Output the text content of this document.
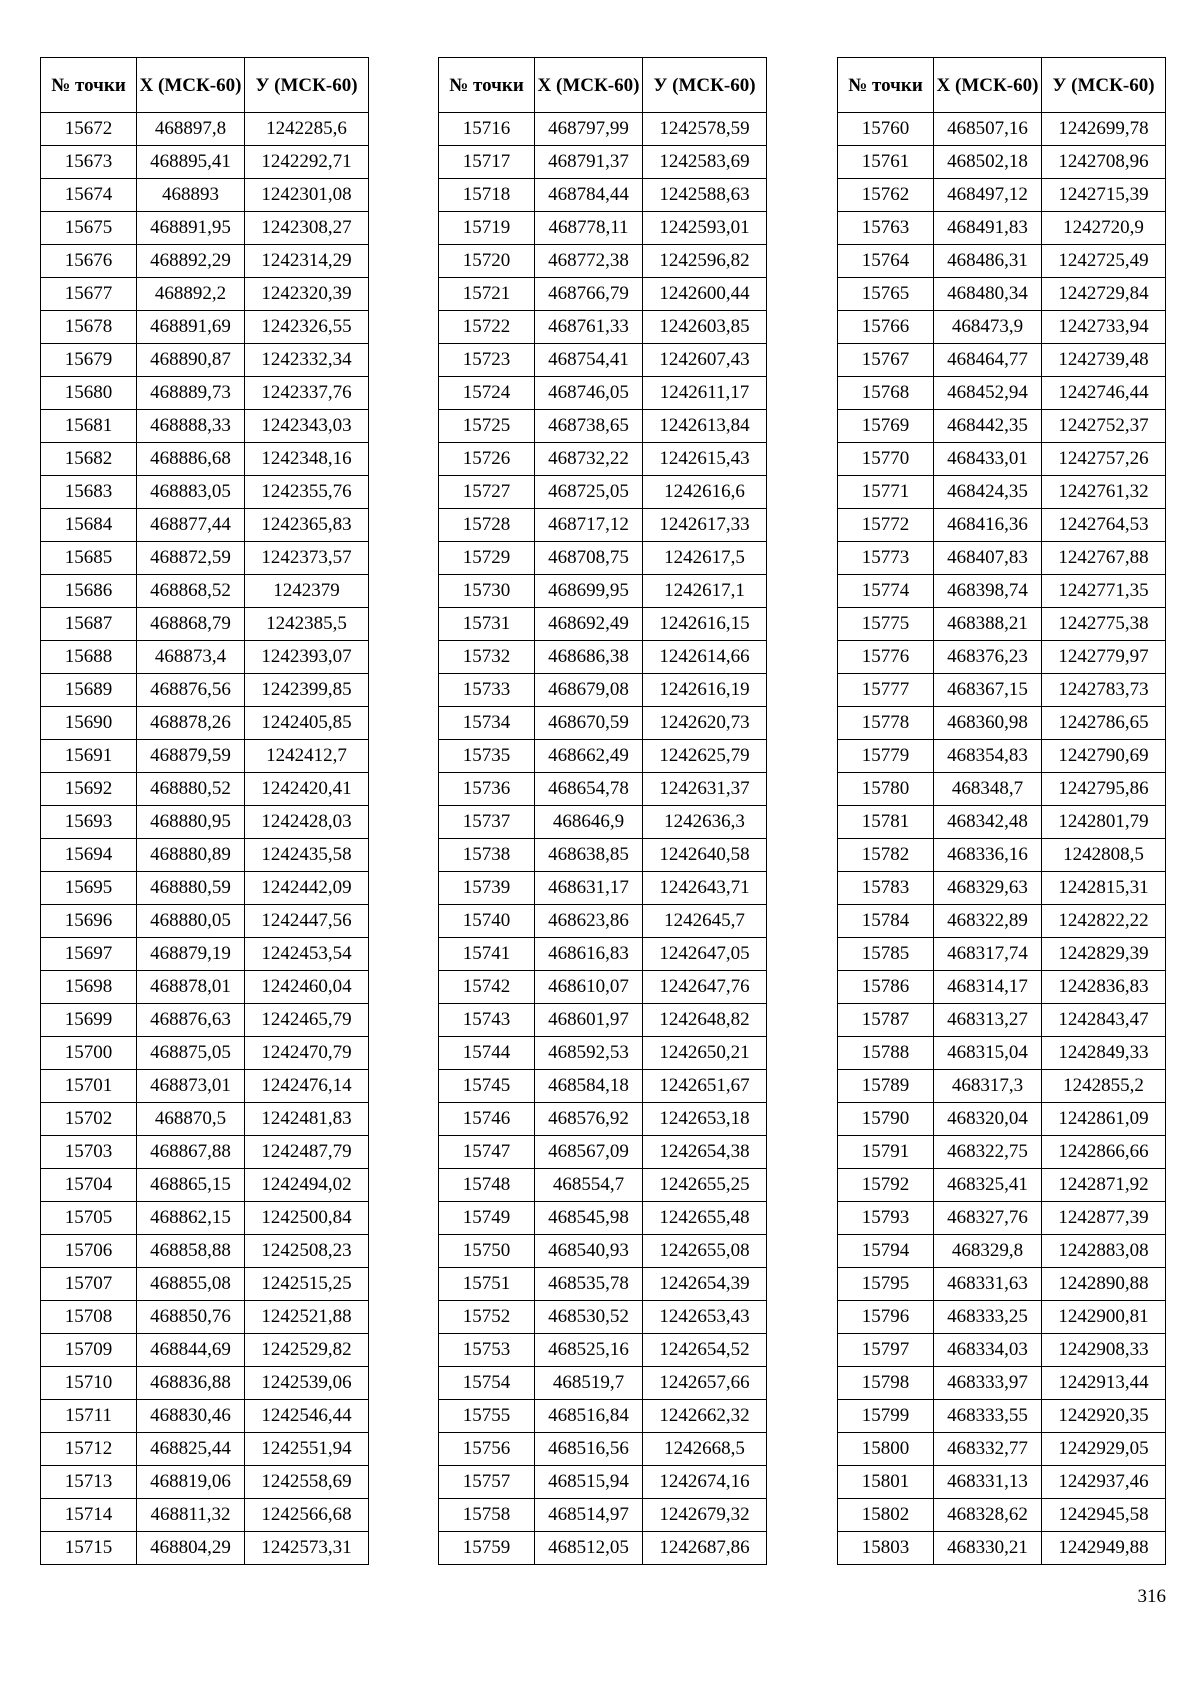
№ точки	X (МСК-60)	У (МСК-60)
15672	468897,8	1242285,6
15673	468895,41	1242292,71
15674	468893	1242301,08
15675	468891,95	1242308,27
15676	468892,29	1242314,29
15677	468892,2	1242320,39
15678	468891,69	1242326,55
15679	468890,87	1242332,34
15680	468889,73	1242337,76
15681	468888,33	1242343,03
15682	468886,68	1242348,16
15683	468883,05	1242355,76
15684	468877,44	1242365,83
15685	468872,59	1242373,57
15686	468868,52	1242379
15687	468868,79	1242385,5
15688	468873,4	1242393,07
15689	468876,56	1242399,85
15690	468878,26	1242405,85
15691	468879,59	1242412,7
15692	468880,52	1242420,41
15693	468880,95	1242428,03
15694	468880,89	1242435,58
15695	468880,59	1242442,09
15696	468880,05	1242447,56
15697	468879,19	1242453,54
15698	468878,01	1242460,04
15699	468876,63	1242465,79
15700	468875,05	1242470,79
15701	468873,01	1242476,14
15702	468870,5	1242481,83
15703	468867,88	1242487,79
15704	468865,15	1242494,02
15705	468862,15	1242500,84
15706	468858,88	1242508,23
15707	468855,08	1242515,25
15708	468850,76	1242521,88
15709	468844,69	1242529,82
15710	468836,88	1242539,06
15711	468830,46	1242546,44
15712	468825,44	1242551,94
15713	468819,06	1242558,69
15714	468811,32	1242566,68
15715	468804,29	1242573,31
№ точки	X (МСК-60)	У (МСК-60)
15716	468797,99	1242578,59
15717	468791,37	1242583,69
15718	468784,44	1242588,63
15719	468778,11	1242593,01
15720	468772,38	1242596,82
15721	468766,79	1242600,44
15722	468761,33	1242603,85
15723	468754,41	1242607,43
15724	468746,05	1242611,17
15725	468738,65	1242613,84
15726	468732,22	1242615,43
15727	468725,05	1242616,6
15728	468717,12	1242617,33
15729	468708,75	1242617,5
15730	468699,95	1242617,1
15731	468692,49	1242616,15
15732	468686,38	1242614,66
15733	468679,08	1242616,19
15734	468670,59	1242620,73
15735	468662,49	1242625,79
15736	468654,78	1242631,37
15737	468646,9	1242636,3
15738	468638,85	1242640,58
15739	468631,17	1242643,71
15740	468623,86	1242645,7
15741	468616,83	1242647,05
15742	468610,07	1242647,76
15743	468601,97	1242648,82
15744	468592,53	1242650,21
15745	468584,18	1242651,67
15746	468576,92	1242653,18
15747	468567,09	1242654,38
15748	468554,7	1242655,25
15749	468545,98	1242655,48
15750	468540,93	1242655,08
15751	468535,78	1242654,39
15752	468530,52	1242653,43
15753	468525,16	1242654,52
15754	468519,7	1242657,66
15755	468516,84	1242662,32
15756	468516,56	1242668,5
15757	468515,94	1242674,16
15758	468514,97	1242679,32
15759	468512,05	1242687,86
№ точки	X (МСК-60)	У (МСК-60)
15760	468507,16	1242699,78
15761	468502,18	1242708,96
15762	468497,12	1242715,39
15763	468491,83	1242720,9
15764	468486,31	1242725,49
15765	468480,34	1242729,84
15766	468473,9	1242733,94
15767	468464,77	1242739,48
15768	468452,94	1242746,44
15769	468442,35	1242752,37
15770	468433,01	1242757,26
15771	468424,35	1242761,32
15772	468416,36	1242764,53
15773	468407,83	1242767,88
15774	468398,74	1242771,35
15775	468388,21	1242775,38
15776	468376,23	1242779,97
15777	468367,15	1242783,73
15778	468360,98	1242786,65
15779	468354,83	1242790,69
15780	468348,7	1242795,86
15781	468342,48	1242801,79
15782	468336,16	1242808,5
15783	468329,63	1242815,31
15784	468322,89	1242822,22
15785	468317,74	1242829,39
15786	468314,17	1242836,83
15787	468313,27	1242843,47
15788	468315,04	1242849,33
15789	468317,3	1242855,2
15790	468320,04	1242861,09
15791	468322,75	1242866,66
15792	468325,41	1242871,92
15793	468327,76	1242877,39
15794	468329,8	1242883,08
15795	468331,63	1242890,88
15796	468333,25	1242900,81
15797	468334,03	1242908,33
15798	468333,97	1242913,44
15799	468333,55	1242920,35
15800	468332,77	1242929,05
15801	468331,13	1242937,46
15802	468328,62	1242945,58
15803	468330,21	1242949,88
316
